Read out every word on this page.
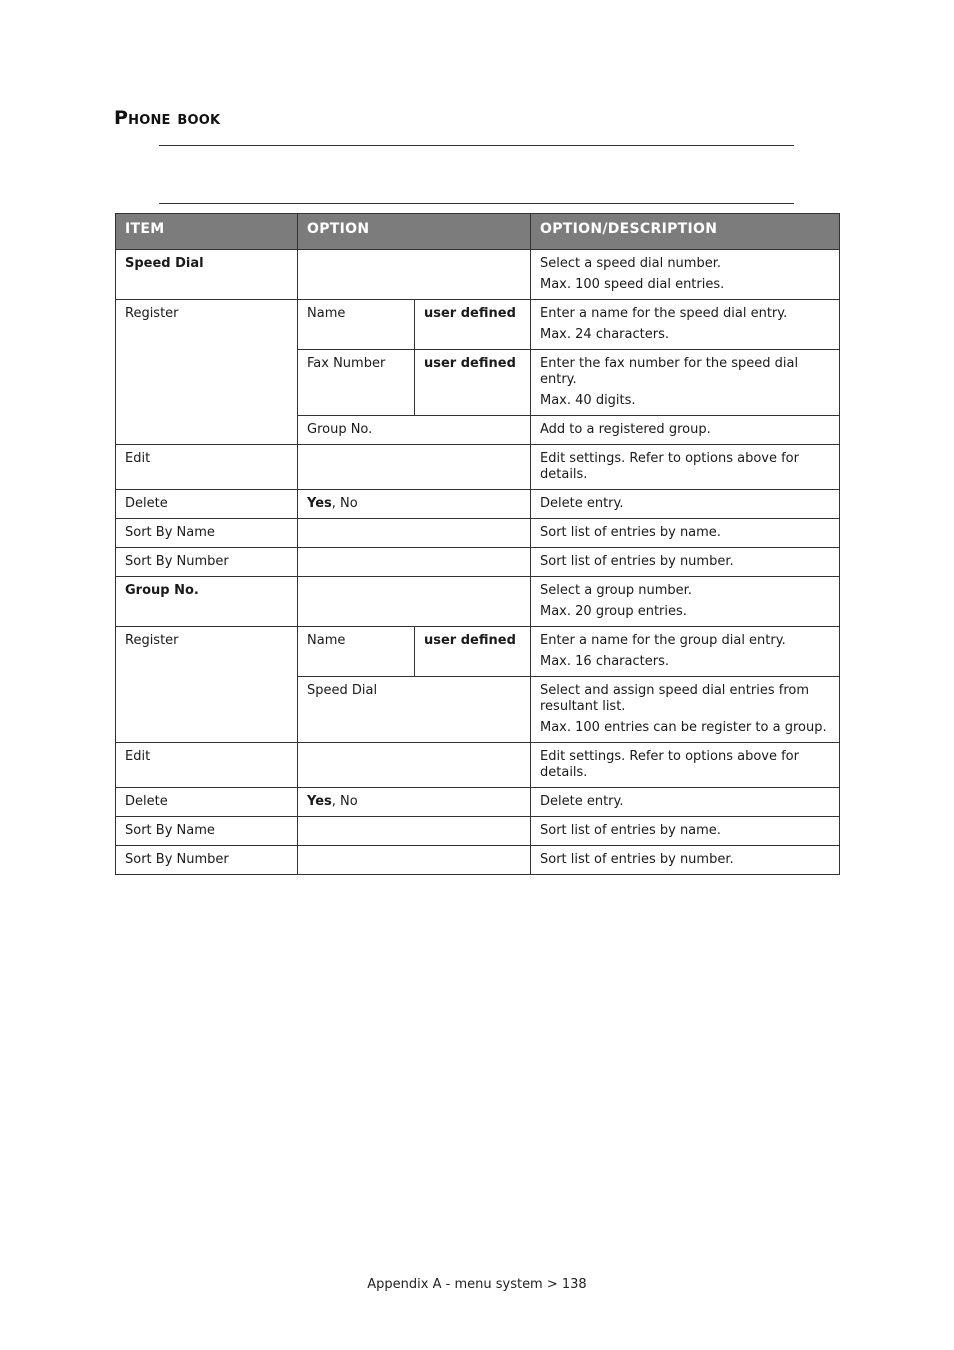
Phone book
ITEM	OPTION		OPTION/DESCRIPTION
Speed Dial			Select a speed dial number.

Max. 100 speed dial entries.

Register	Name	user defined	Enter a name for the speed dial entry.

Max. 24 characters.

	Fax Number	user defined	Enter the fax number for the speed dial entry.

Max. 40 digits.

	Group No.		Add to a registered group.
Edit			Edit settings. Refer to options above for details.
Delete	Yes, No		Delete entry.
Sort By Name			Sort list of entries by name.
Sort By Number			Sort list of entries by number.
Group No.			Select a group number.

Max. 20 group entries.

Register	Name	user defined	Enter a name for the group dial entry.

Max. 16 characters.

	Speed Dial		Select and assign speed dial entries from resultant list.

Max. 100 entries can be register to a group.

Edit			Edit settings. Refer to options above for details.
Delete	Yes, No		Delete entry.
Sort By Name			Sort list of entries by name.
Sort By Number			Sort list of entries by number.
Appendix A - menu system > 138
